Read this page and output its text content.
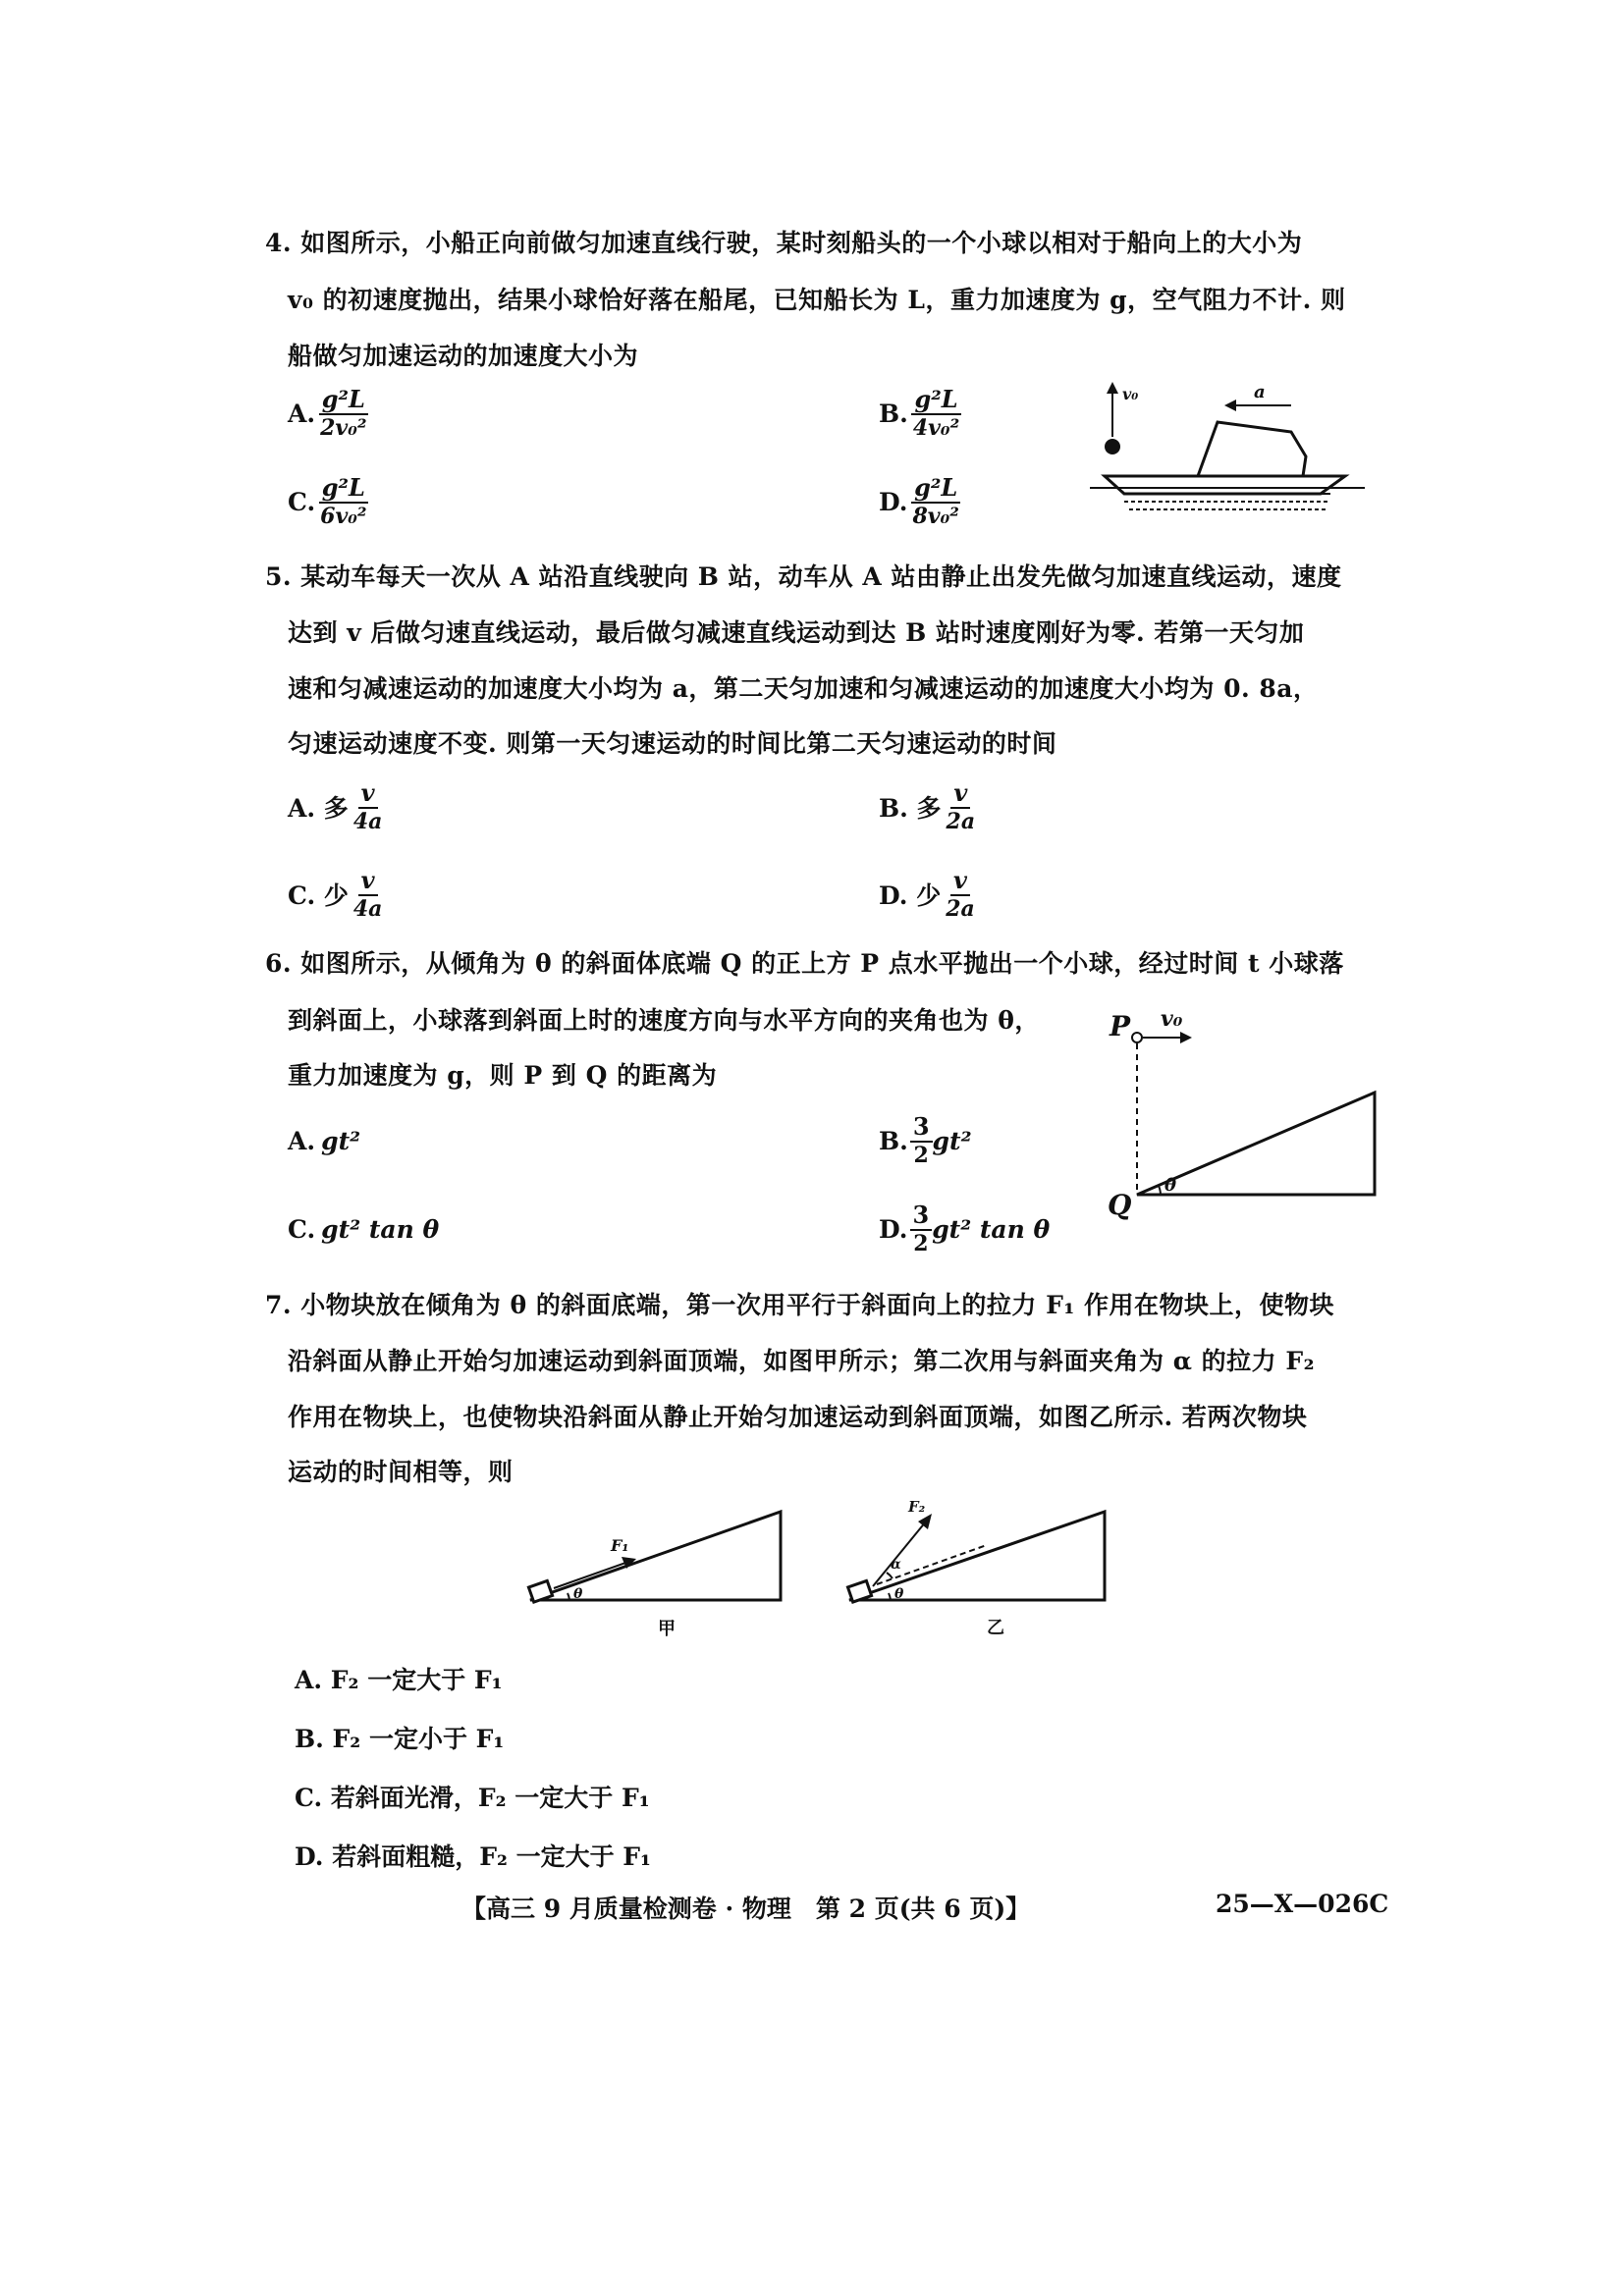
4. 如图所示，小船正向前做匀加速直线行驶，某时刻船头的一个小球以相对于船向上的大小为
v₀ 的初速度抛出，结果小球恰好落在船尾，已知船长为 L，重力加速度为 g，空气阻力不计. 则
船做匀加速运动的加速度大小为
A. $\frac{\text{g²L}}{\text{2v₀²}}$	B. $\frac{\text{g²L}}{\text{4v₀²}}$
C. $\frac{\text{g²L}}{\text{6v₀²}}$	D. $\frac{\text{g²L}}{\text{8v₀²}}$
v₀	a
5. 某动车每天一次从 A 站沿直线驶向 B 站，动车从 A 站由静止出发先做匀加速直线运动，速度
达到 v 后做匀速直线运动，最后做匀减速直线运动到达 B 站时速度刚好为零. 若第一天匀加
速和匀减速运动的加速度大小均为 a，第二天匀加速和匀减速运动的加速度大小均为 0. 8a，
匀速运动速度不变. 则第一天匀速运动的时间比第二天匀速运动的时间
A. 多 $\frac{v}{4a}$	B. 多 $\frac{v}{2a}$
C. 少 $\frac{v}{4a}$	D. 少 $\frac{v}{2a}$
6. 如图所示，从倾角为 θ 的斜面体底端 Q 的正上方 P 点水平抛出一个小球，经过时间 t 小球落
到斜面上，小球落到斜面上时的速度方向与水平方向的夹角也为 θ，
重力加速度为 g，则 P 到 Q 的距离为
A. gt²	B. $\frac{3}{2} gt^2$
C. gt² tan θ	D. $\frac{3}{2} gt^2$ tan θ
P v₀
θ
Q
7. 小物块放在倾角为 θ 的斜面底端，第一次用平行于斜面向上的拉力 F₁ 作用在物块上，使物块
沿斜面从静止开始匀加速运动到斜面顶端，如图甲所示；第二次用与斜面夹角为 α 的拉力 F₂
作用在物块上，也使物块沿斜面从静止开始匀加速运动到斜面顶端，如图乙所示. 若两次物块
运动的时间相等，则
F₁
θ
甲
F₂
α
θ
乙
A. F₂ 一定大于 F₁
B. F₂ 一定小于 F₁
C. 若斜面光滑，F₂ 一定大于 F₁
D. 若斜面粗糙，F₂ 一定大于 F₁
【高三 9 月质量检测卷 · 物理　第 2 页(共 6 页)】	25—X—026C
